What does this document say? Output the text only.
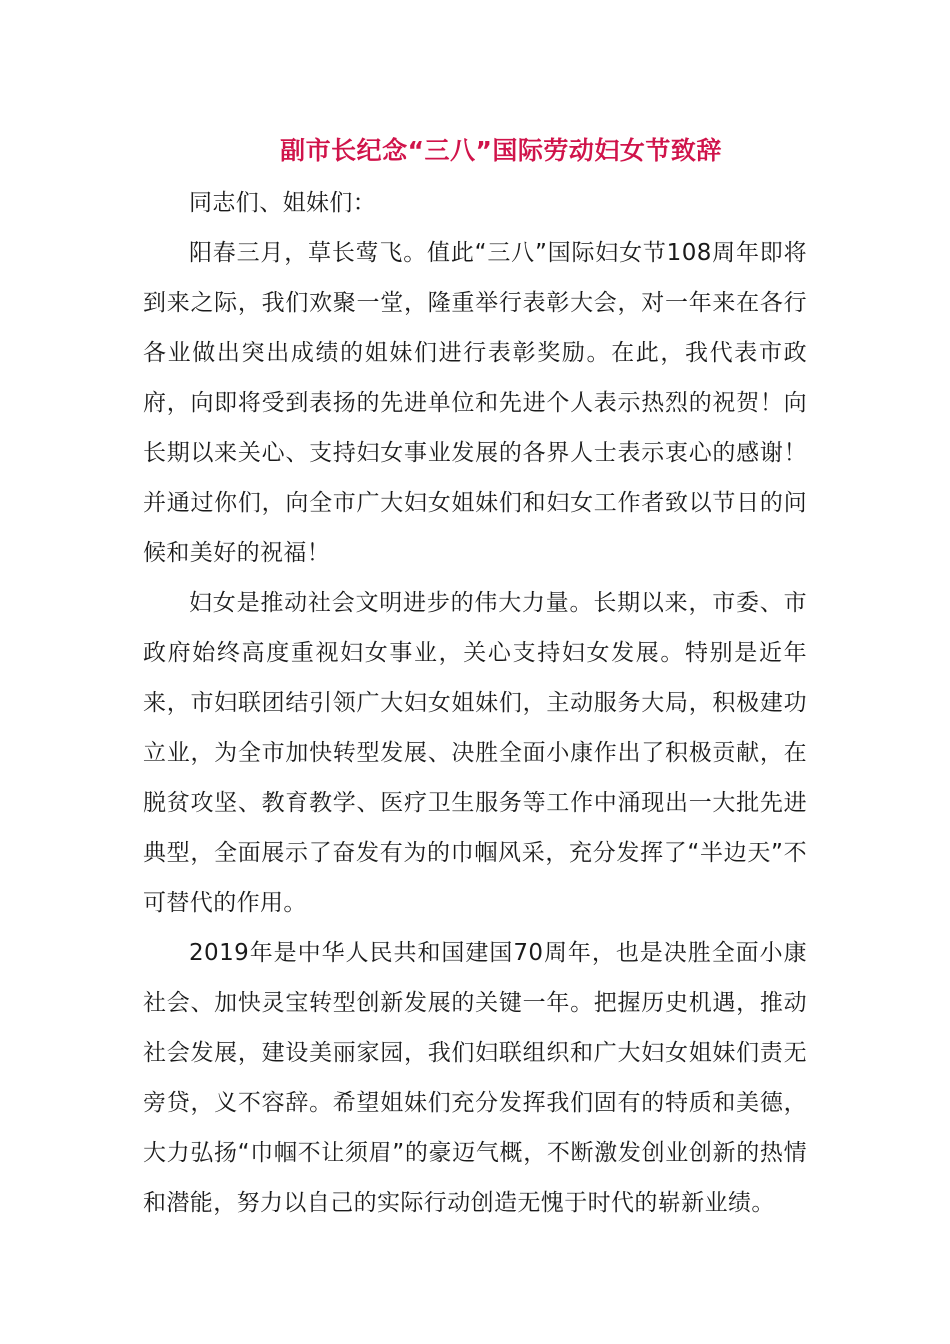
副市长纪念“三八”国际劳动妇女节致辞

同志们、姐妹们：

阳春三月，草长莺飞。值此“三八”国际妇女节108周年即将到来之际，我们欢聚一堂，隆重举行表彰大会，对一年来在各行各业做出突出成绩的姐妹们进行表彰奖励。在此，我代表市政府，向即将受到表扬的先进单位和先进个人表示热烈的祝贺！向长期以来关心、支持妇女事业发展的各界人士表示衷心的感谢！并通过你们，向全市广大妇女姐妹们和妇女工作者致以节日的问候和美好的祝福！

妇女是推动社会文明进步的伟大力量。长期以来，市委、市政府始终高度重视妇女事业，关心支持妇女发展。特别是近年来，市妇联团结引领广大妇女姐妹们，主动服务大局，积极建功立业，为全市加快转型发展、决胜全面小康作出了积极贡献，在脱贫攻坚、教育教学、医疗卫生服务等工作中涌现出一大批先进典型，全面展示了奋发有为的巾帼风采，充分发挥了“半边天”不可替代的作用。

2019年是中华人民共和国建国70周年，也是决胜全面小康社会、加快灵宝转型创新发展的关键一年。把握历史机遇，推动社会发展，建设美丽家园，我们妇联组织和广大妇女姐妹们责无旁贷，义不容辞。希望姐妹们充分发挥我们固有的特质和美德，大力弘扬“巾帼不让须眉”的豪迈气概，不断激发创业创新的热情和潜能，努力以自己的实际行动创造无愧于时代的崭新业绩。
